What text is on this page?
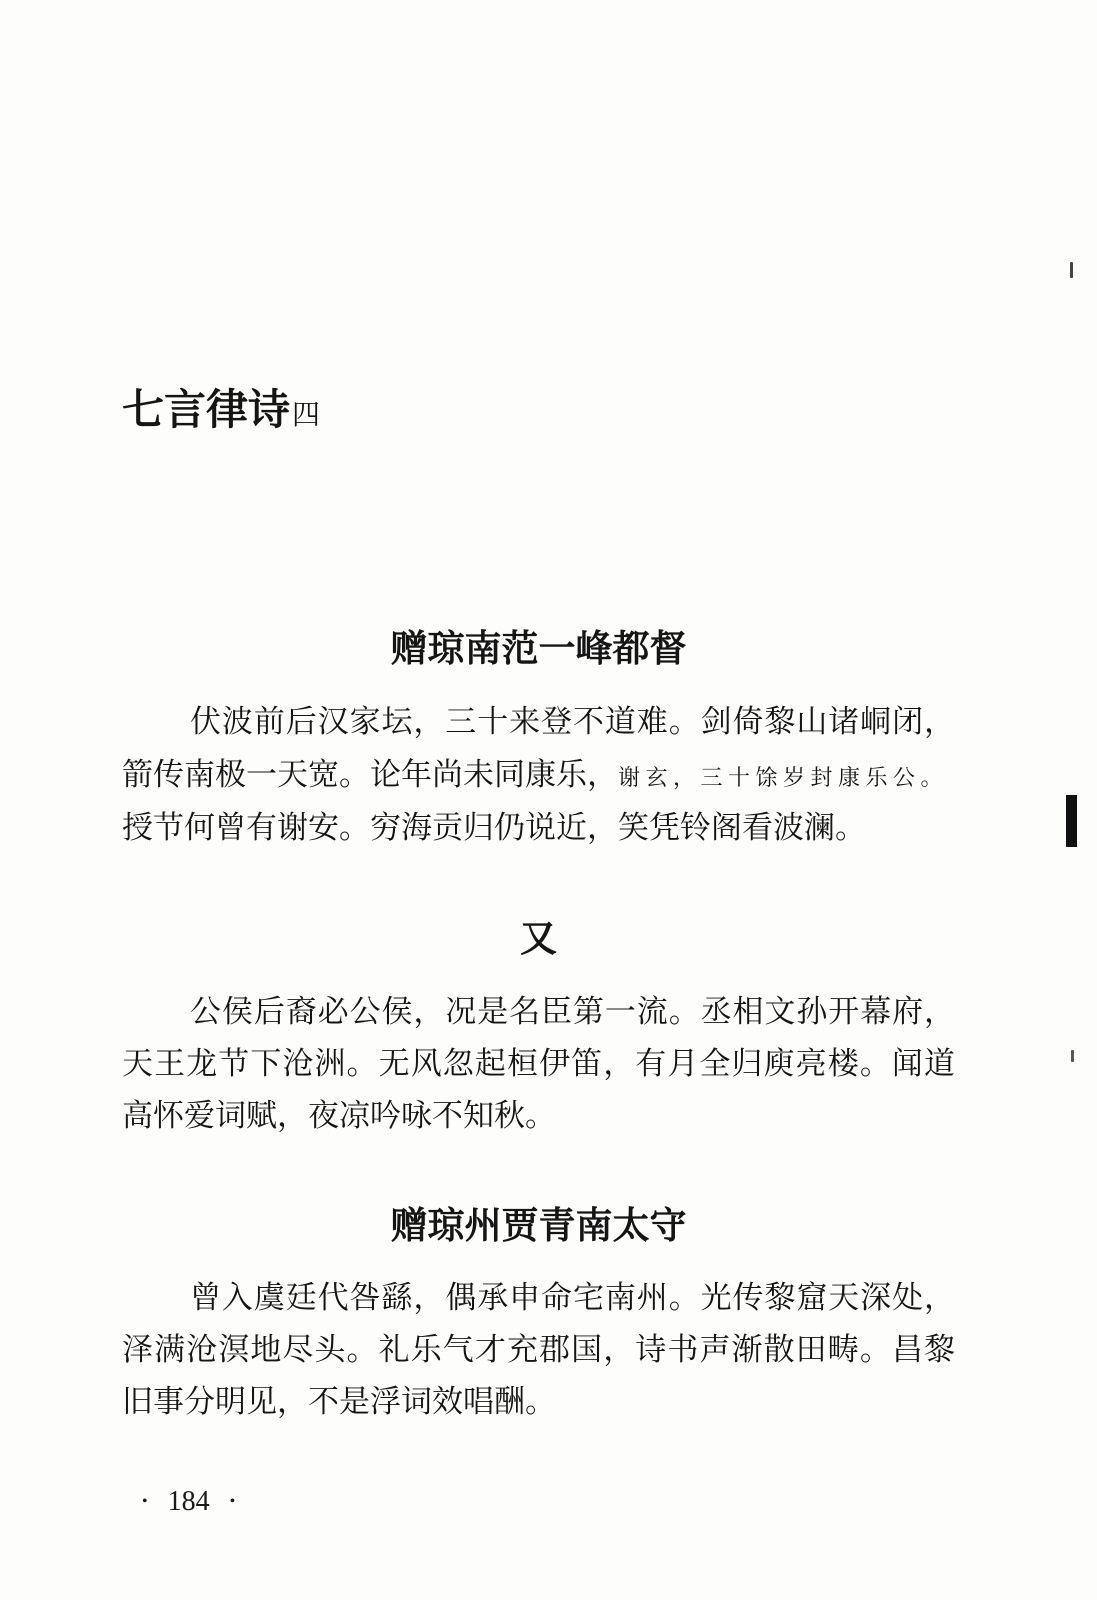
七言律诗四
赠琼南范一峰都督
伏波前后汉家坛，三十来登不道难。剑倚黎山诸峒闭，
箭传南极一天宽。论年尚未同康乐，谢玄，三十馀岁封康乐公。
授节何曾有谢安。穷海贡归仍说近，笑凭铃阁看波澜。
又
公侯后裔必公侯，况是名臣第一流。丞相文孙开幕府，
天王龙节下沧洲。无风忽起桓伊笛，有月全归庾亮楼。闻道
高怀爱词赋，夜凉吟咏不知秋。
赠琼州贾青南太守
曾入虞廷代咎繇，偶承申命宅南州。光传黎窟天深处，
泽满沧溟地尽头。礼乐气才充郡国，诗书声渐散田畴。昌黎
旧事分明见，不是浮词效唱酬。
• 184 •
